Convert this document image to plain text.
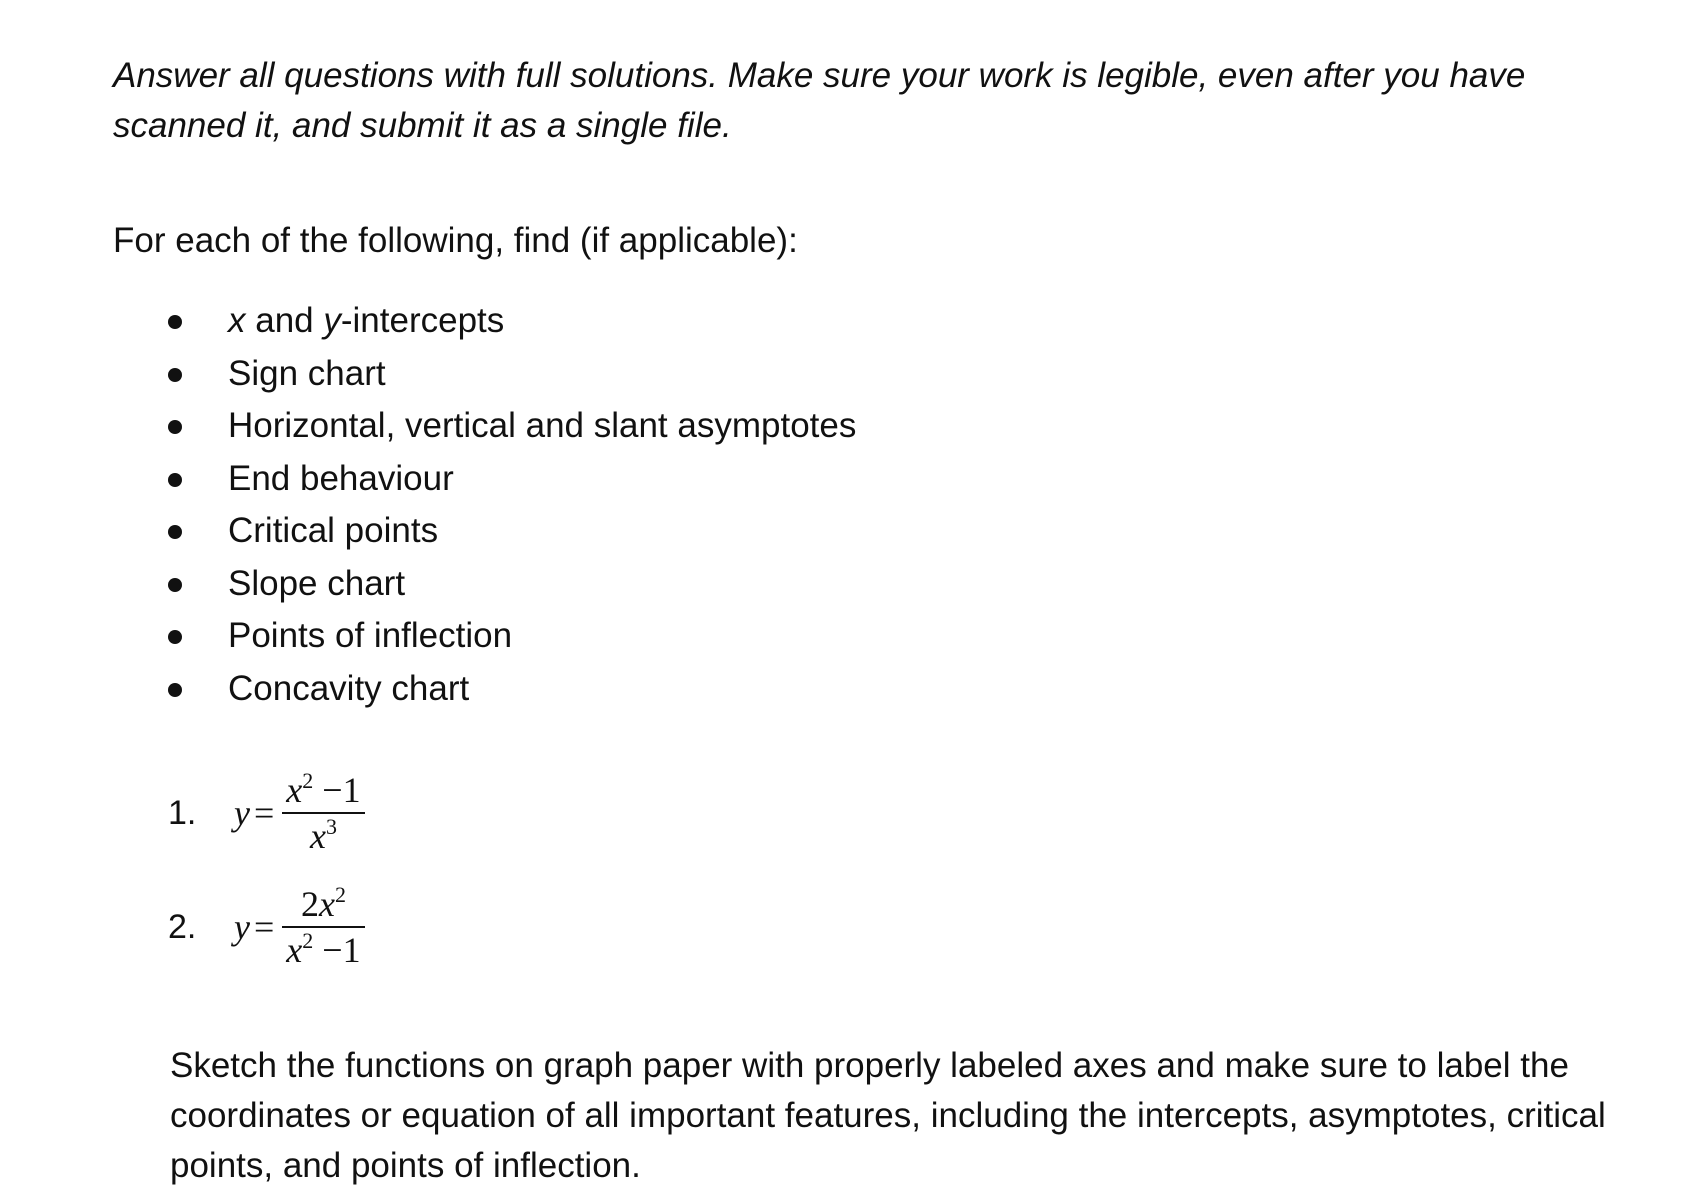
Answer all questions with full solutions. Make sure your work is legible, even after you have scanned it, and submit it as a single file.

For each of the following, find (if applicable):
x and y-intercepts
Sign chart
Horizontal, vertical and slant asymptotes
End behaviour
Critical points
Slope chart
Points of inflection
Concavity chart
1.	$y = \frac{x^2 -1}{x^3}$
2.	$y = \frac{2x^2}{x^2 -1}$

Sketch the functions on graph paper with properly labeled axes and make sure to label the coordinates or equation of all important features, including the intercepts, asymptotes, critical points, and points of inflection.
